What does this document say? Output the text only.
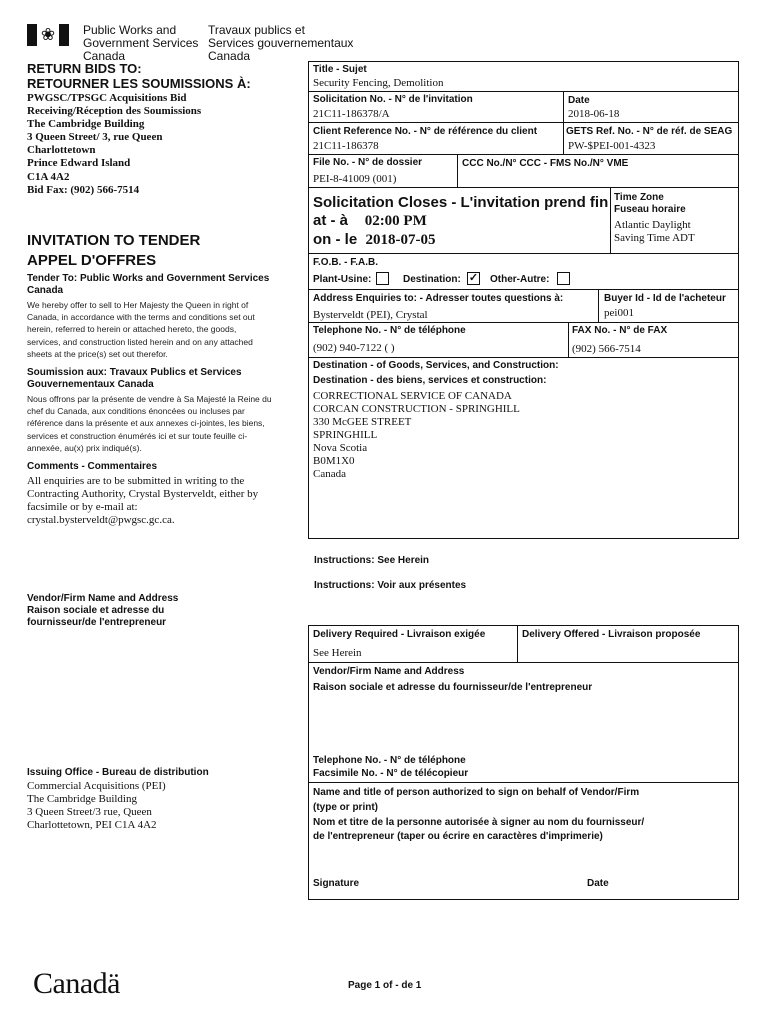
❀ Public Works and
Government Services
Canada
Travaux publics et
Services gouvernementaux
Canada
RETURN BIDS TO:
RETOURNER LES SOUMISSIONS À:
PWGSC/TPSGC Acquisitions Bid
Receiving/Réception des Soumissions
The Cambridge Building
3 Queen Street/ 3, rue Queen
Charlottetown
Prince Edward Island
C1A 4A2
Bid Fax: (902) 566-7514
INVITATION TO TENDER
APPEL D'OFFRES
Tender To: Public Works and Government Services Canada
We hereby offer to sell to Her Majesty the Queen in right of Canada, in accordance with the terms and conditions set out herein, referred to herein or attached hereto, the goods, services, and construction listed herein and on any attached sheets at the price(s) set out therefor.
Soumission aux: Travaux Publics et Services Gouvernementaux Canada
Nous offrons par la présente de vendre à Sa Majesté la Reine du chef du Canada, aux conditions énoncées ou incluses par référence dans la présente et aux annexes ci-jointes, les biens, services et construction énumérés ici et sur toute feuille ci-annexée, au(x) prix indiqué(s).
Comments - Commentaires
All enquiries are to be submitted in writing to the Contracting Authority, Crystal Bysterveldt, either by facsimile or by e-mail at: crystal.bysterveldt@pwgsc.gc.ca.
Vendor/Firm Name and Address
Raison sociale et adresse du
fournisseur/de l'entrepreneur
Issuing Office - Bureau de distribution
Commercial Acquisitions (PEI)
The Cambridge Building
3 Queen Street/3 rue, Queen
Charlottetown, PEI C1A 4A2
Title - Sujet
Security Fencing, Demolition
Solicitation No. - N° de l'invitation
21C11-186378/A
Date
2018-06-18
Client Reference No. - N° de référence du client
21C11-186378
GETS Ref. No. - N° de réf. de SEAG
PW-$PEI-001-4323
File No. - N° de dossier
PEI-8-41009 (001)
CCC No./N° CCC - FMS No./N° VME
Solicitation Closes - L'invitation prend fin
at - à 02:00 PM
on - le 2018-07-05
Time Zone
Fuseau horaire
Atlantic Daylight
Saving Time ADT
F.O.B. - F.A.B.
Plant-Usine:	Destination: ✓ Other-Autre:
Address Enquiries to: - Adresser toutes questions à:
Bysterveldt (PEI), Crystal
Buyer Id - Id de l'acheteur
pei001
Telephone No. - N° de téléphone
(902) 940-7122 ( )
FAX No. - N° de FAX
(902) 566-7514
Destination - of Goods, Services, and Construction:
Destination - des biens, services et construction:
CORRECTIONAL SERVICE OF CANADA
CORCAN CONSTRUCTION - SPRINGHILL
330 McGEE STREET
SPRINGHILL
Nova Scotia
B0M1X0
Canada
Instructions: See Herein
Instructions: Voir aux présentes
Delivery Required - Livraison exigée
See Herein
Delivery Offered - Livraison proposée
Vendor/Firm Name and Address
Raison sociale et adresse du fournisseur/de l'entrepreneur
Telephone No. - N° de téléphone
Facsimile No. - N° de télécopieur
Name and title of person authorized to sign on behalf of Vendor/Firm
(type or print)
Nom et titre de la personne autorisée à signer au nom du fournisseur/
de l'entrepreneur (taper ou écrire en caractères d'imprimerie)
Signature	Date
Canadä	Page 1 of - de 1
